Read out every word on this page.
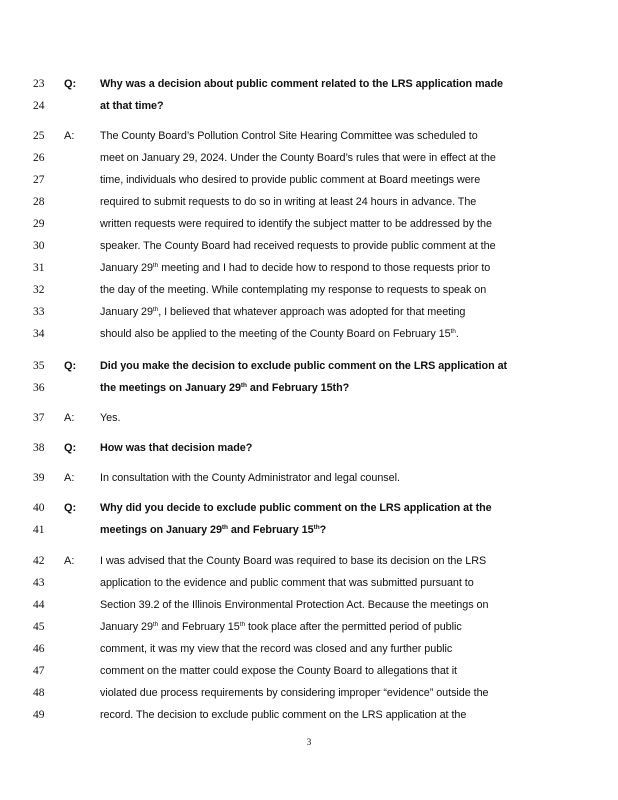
23	Q: Why was a decision about public comment related to the LRS application made
24	at that time?
25	A: The County Board’s Pollution Control Site Hearing Committee was scheduled to
26	meet on January 29, 2024. Under the County Board’s rules that were in effect at the
27	time, individuals who desired to provide public comment at Board meetings were
28	required to submit requests to do so in writing at least 24 hours in advance. The
29	written requests were required to identify the subject matter to be addressed by the
30	speaker. The County Board had received requests to provide public comment at the
31	January 29th meeting and I had to decide how to respond to those requests prior to
32	the day of the meeting. While contemplating my response to requests to speak on
33	January 29th, I believed that whatever approach was adopted for that meeting
34	should also be applied to the meeting of the County Board on February 15th.
35	Q: Did you make the decision to exclude public comment on the LRS application at
36	the meetings on January 29th and February 15th?
37	A: Yes.
38	Q: How was that decision made?
39	A: In consultation with the County Administrator and legal counsel.
40	Q: Why did you decide to exclude public comment on the LRS application at the
41	meetings on January 29th and February 15th?
42	A: I was advised that the County Board was required to base its decision on the LRS
43	application to the evidence and public comment that was submitted pursuant to
44	Section 39.2 of the Illinois Environmental Protection Act. Because the meetings on
45	January 29th and February 15th took place after the permitted period of public
46	comment, it was my view that the record was closed and any further public
47	comment on the matter could expose the County Board to allegations that it
48	violated due process requirements by considering improper “evidence” outside the
49	record. The decision to exclude public comment on the LRS application at the
3
